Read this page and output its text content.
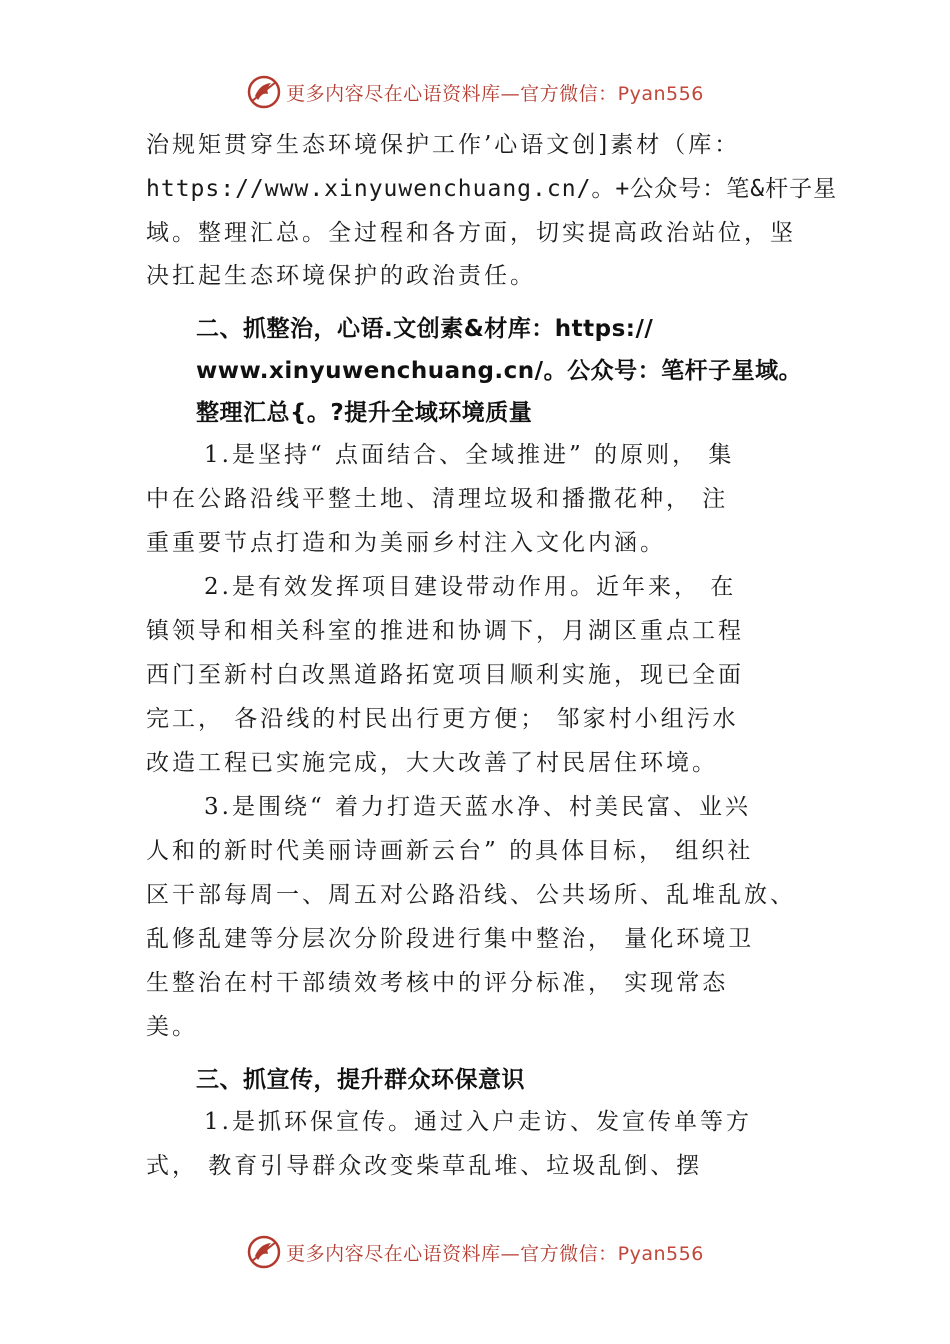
更多内容尽在心语资料库—官方微信：Pyan556
治规矩贯穿生态环境保护工作’心语文创]素材（库：
https://www.xinyuwenchuang.cn/。+公众号：笔&杆子星
域。整理汇总。全过程和各方面，切实提高政治站位，坚
决扛起生态环境保护的政治责任。
二、抓整治，心语.文创素&材库：https://
www.xinyuwenchuang.cn/。公众号：笔杆子星域。
整理汇总{。?提升全域环境质量
1.是坚持“ 点面结合、全域推进” 的原则， 集
中在公路沿线平整土地、清理垃圾和播撒花种， 注
重重要节点打造和为美丽乡村注入文化内涵。
2.是有效发挥项目建设带动作用。近年来， 在
镇领导和相关科室的推进和协调下，月湖区重点工程
西门至新村白改黑道路拓宽项目顺利实施，现已全面
完工， 各沿线的村民出行更方便； 邹家村小组污水
改造工程已实施完成，大大改善了村民居住环境。
3.是围绕“ 着力打造天蓝水净、村美民富、业兴
人和的新时代美丽诗画新云台” 的具体目标， 组织社
区干部每周一、周五对公路沿线、公共场所、乱堆乱放、
乱修乱建等分层次分阶段进行集中整治， 量化环境卫
生整治在村干部绩效考核中的评分标准， 实现常态
美。
三、抓宣传，提升群众环保意识
1.是抓环保宣传。通过入户走访、发宣传单等方
式， 教育引导群众改变柴草乱堆、垃圾乱倒、摆
更多内容尽在心语资料库—官方微信：Pyan556
